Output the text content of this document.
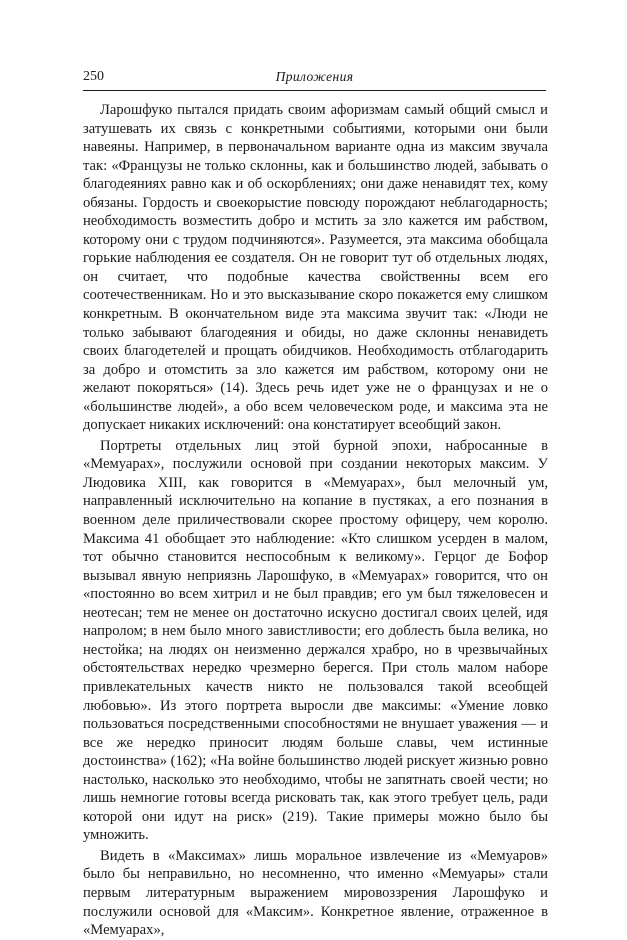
250	Приложения

Ларошфуко пытался придать своим афоризмам самый общий смысл и затушевать их связь с конкретными событиями, которыми они были навеяны. Например, в первоначальном варианте одна из максим звучала так: «Французы не только склонны, как и большинство людей, забывать о благодеяниях равно как и об оскорблениях; они даже ненавидят тех, кому обязаны. Гордость и своекорыстие повсюду порождают неблагодарность; необходимость возместить добро и мстить за зло кажется им рабством, которому они с трудом подчиняются». Разумеется, эта максима обобщала горькие наблюдения ее создателя. Он не говорит тут об отдельных людях, он считает, что подобные качества свойственны всем его соотечественникам. Но и это высказывание скоро покажется ему слишком конкретным. В окончательном виде эта максима звучит так: «Люди не только забывают благодеяния и обиды, но даже склонны ненавидеть своих благодетелей и прощать обидчиков. Необходимость отблагодарить за добро и отомстить за зло кажется им рабством, которому они не желают покоряться» (14). Здесь речь идет уже не о французах и не о «большинстве людей», а обо всем человеческом роде, и максима эта не допускает никаких исключений: она констатирует всеобщий закон.

Портреты отдельных лиц этой бурной эпохи, набросанные в «Мемуарах», послужили основой при создании некоторых максим. У Людовика XIII, как говорится в «Мемуарах», был мелочный ум, направленный исключительно на копание в пустяках, а его познания в военном деле приличествовали скорее простому офицеру, чем королю. Максима 41 обобщает это наблюдение: «Кто слишком усерден в малом, тот обычно становится неспособным к великому». Герцог де Бофор вызывал явную неприязнь Ларошфуко, в «Мемуарах» говорится, что он «постоянно во всем хитрил и не был правдив; его ум был тяжеловесен и неотесан; тем не менее он достаточно искусно достигал своих целей, идя напролом; в нем было много завистливости; его доблесть была велика, но нестойка; на людях он неизменно держался храбро, но в чрезвычайных обстоятельствах нередко чрезмерно берегся. При столь малом наборе привлекательных качеств никто не пользовался такой всеобщей любовью». Из этого портрета выросли две максимы: «Умение ловко пользоваться посредственными способностями не внушает уважения — и все же нередко приносит людям больше славы, чем истинные достоинства» (162); «На войне большинство людей рискует жизнью ровно настолько, насколько это необходимо, чтобы не запятнать своей чести; но лишь немногие готовы всегда рисковать так, как этого требует цель, ради которой они идут на риск» (219). Такие примеры можно было бы умножить.

Видеть в «Максимах» лишь моральное извлечение из «Мемуаров» было бы неправильно, но несомненно, что именно «Мемуары» стали первым литературным выражением мировоззрения Ларошфуко и послужили основой для «Максим». Конкретное явление, отраженное в «Мемуарах»,
